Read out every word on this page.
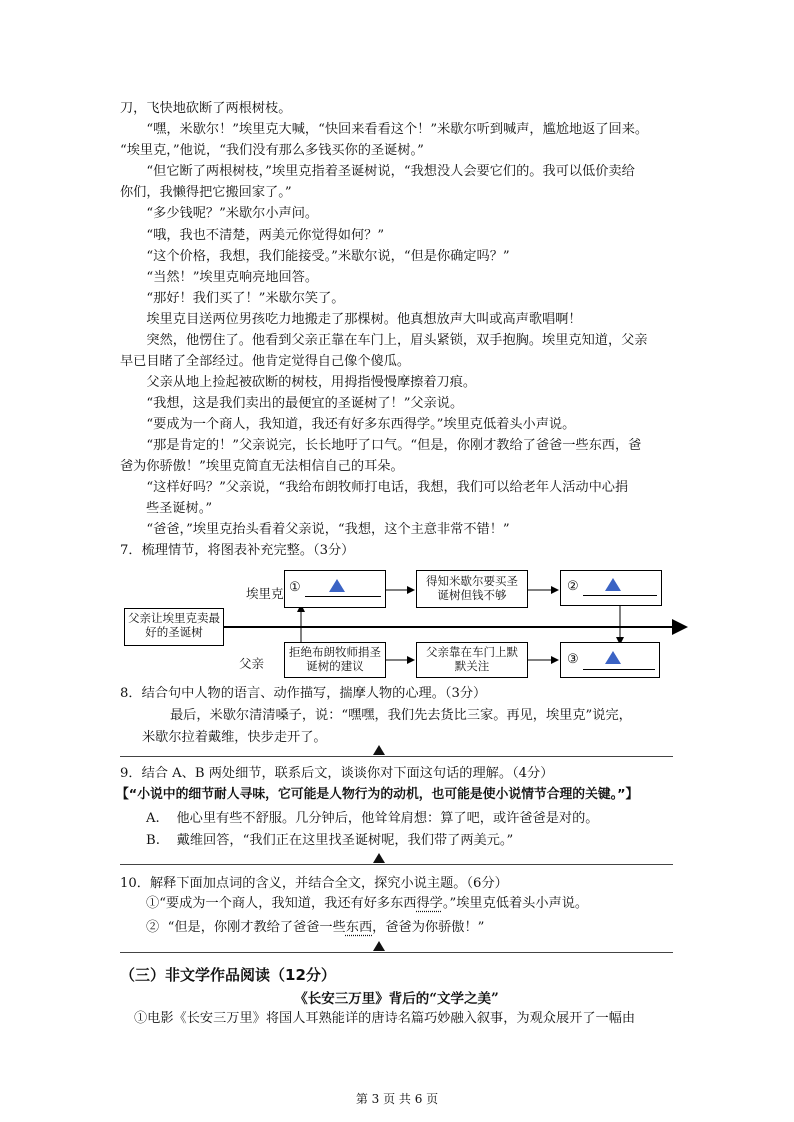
刀，飞快地砍断了两根树枝。
“嘿，米歇尔！”埃里克大喊，“快回来看看这个！”米歇尔听到喊声，尴尬地返了回来。
“埃里克，”他说，“我们没有那么多钱买你的圣诞树。”
“但它断了两根树枝，”埃里克指着圣诞树说，“我想没人会要它们的。我可以低价卖给
你们，我懒得把它搬回家了。”
“多少钱呢？”米歇尔小声问。
“哦，我也不清楚，两美元你觉得如何？”
“这个价格，我想，我们能接受。”米歇尔说，“但是你确定吗？”
“当然！”埃里克响亮地回答。
“那好！我们买了！”米歇尔笑了。
埃里克目送两位男孩吃力地搬走了那棵树。他真想放声大叫或高声歌唱啊！
突然，他愣住了。他看到父亲正靠在车门上，眉头紧锁，双手抱胸。埃里克知道，父亲
早已目睹了全部经过。他肯定觉得自己像个傻瓜。
父亲从地上捡起被砍断的树枝，用拇指慢慢摩擦着刀痕。
“我想，这是我们卖出的最便宜的圣诞树了！”父亲说。
“要成为一个商人，我知道，我还有好多东西得学。”埃里克低着头小声说。
“那是肯定的！”父亲说完，长长地吁了口气。“但是，你刚才教给了爸爸一些东西，爸
爸为你骄傲！”埃里克简直无法相信自己的耳朵。
“这样好吗？”父亲说，“我给布朗牧师打电话，我想，我们可以给老年人活动中心捐
些圣诞树。”
“爸爸，”埃里克抬头看着父亲说，“我想，这个主意非常不错！”
7．梳理情节，将图表补充完整。（3分）
埃里克
父亲
父亲让埃里克卖最好的圣诞树
①	得知米歇尔要买圣诞树但钱不够
②
拒绝布朗牧师捐圣诞树的建议
父亲靠在车门上默默关注	③
8．结合句中人物的语言、动作描写，揣摩人物的心理。（3分）
最后，米歇尔清清嗓子，说：“嘿嘿，我们先去货比三家。再见，埃里克”说完，
米歇尔拉着戴维，快步走开了。
9．结合 A、B 两处细节，联系后文，谈谈你对下面这句话的理解。（4分）
【“小说中的细节耐人寻味，它可能是人物行为的动机，也可能是使小说情节合理的关键。”】
A. 他心里有些不舒服。几分钟后，他耸耸肩想：算了吧，或许爸爸是对的。
B. 戴维回答，“我们正在这里找圣诞树呢，我们带了两美元。”
10．解释下面加点词的含义，并结合全文，探究小说主题。（6分）
①“要成为一个商人，我知道，我还有好多东西得学。”埃里克低着头小声说。
② “但是，你刚才教给了爸爸一些东西，爸爸为你骄傲！”
（三）非文学作品阅读（12分）
《长安三万里》背后的“文学之美”
①电影《长安三万里》将国人耳熟能详的唐诗名篇巧妙融入叙事，为观众展开了一幅由
第 3 页 共 6 页
